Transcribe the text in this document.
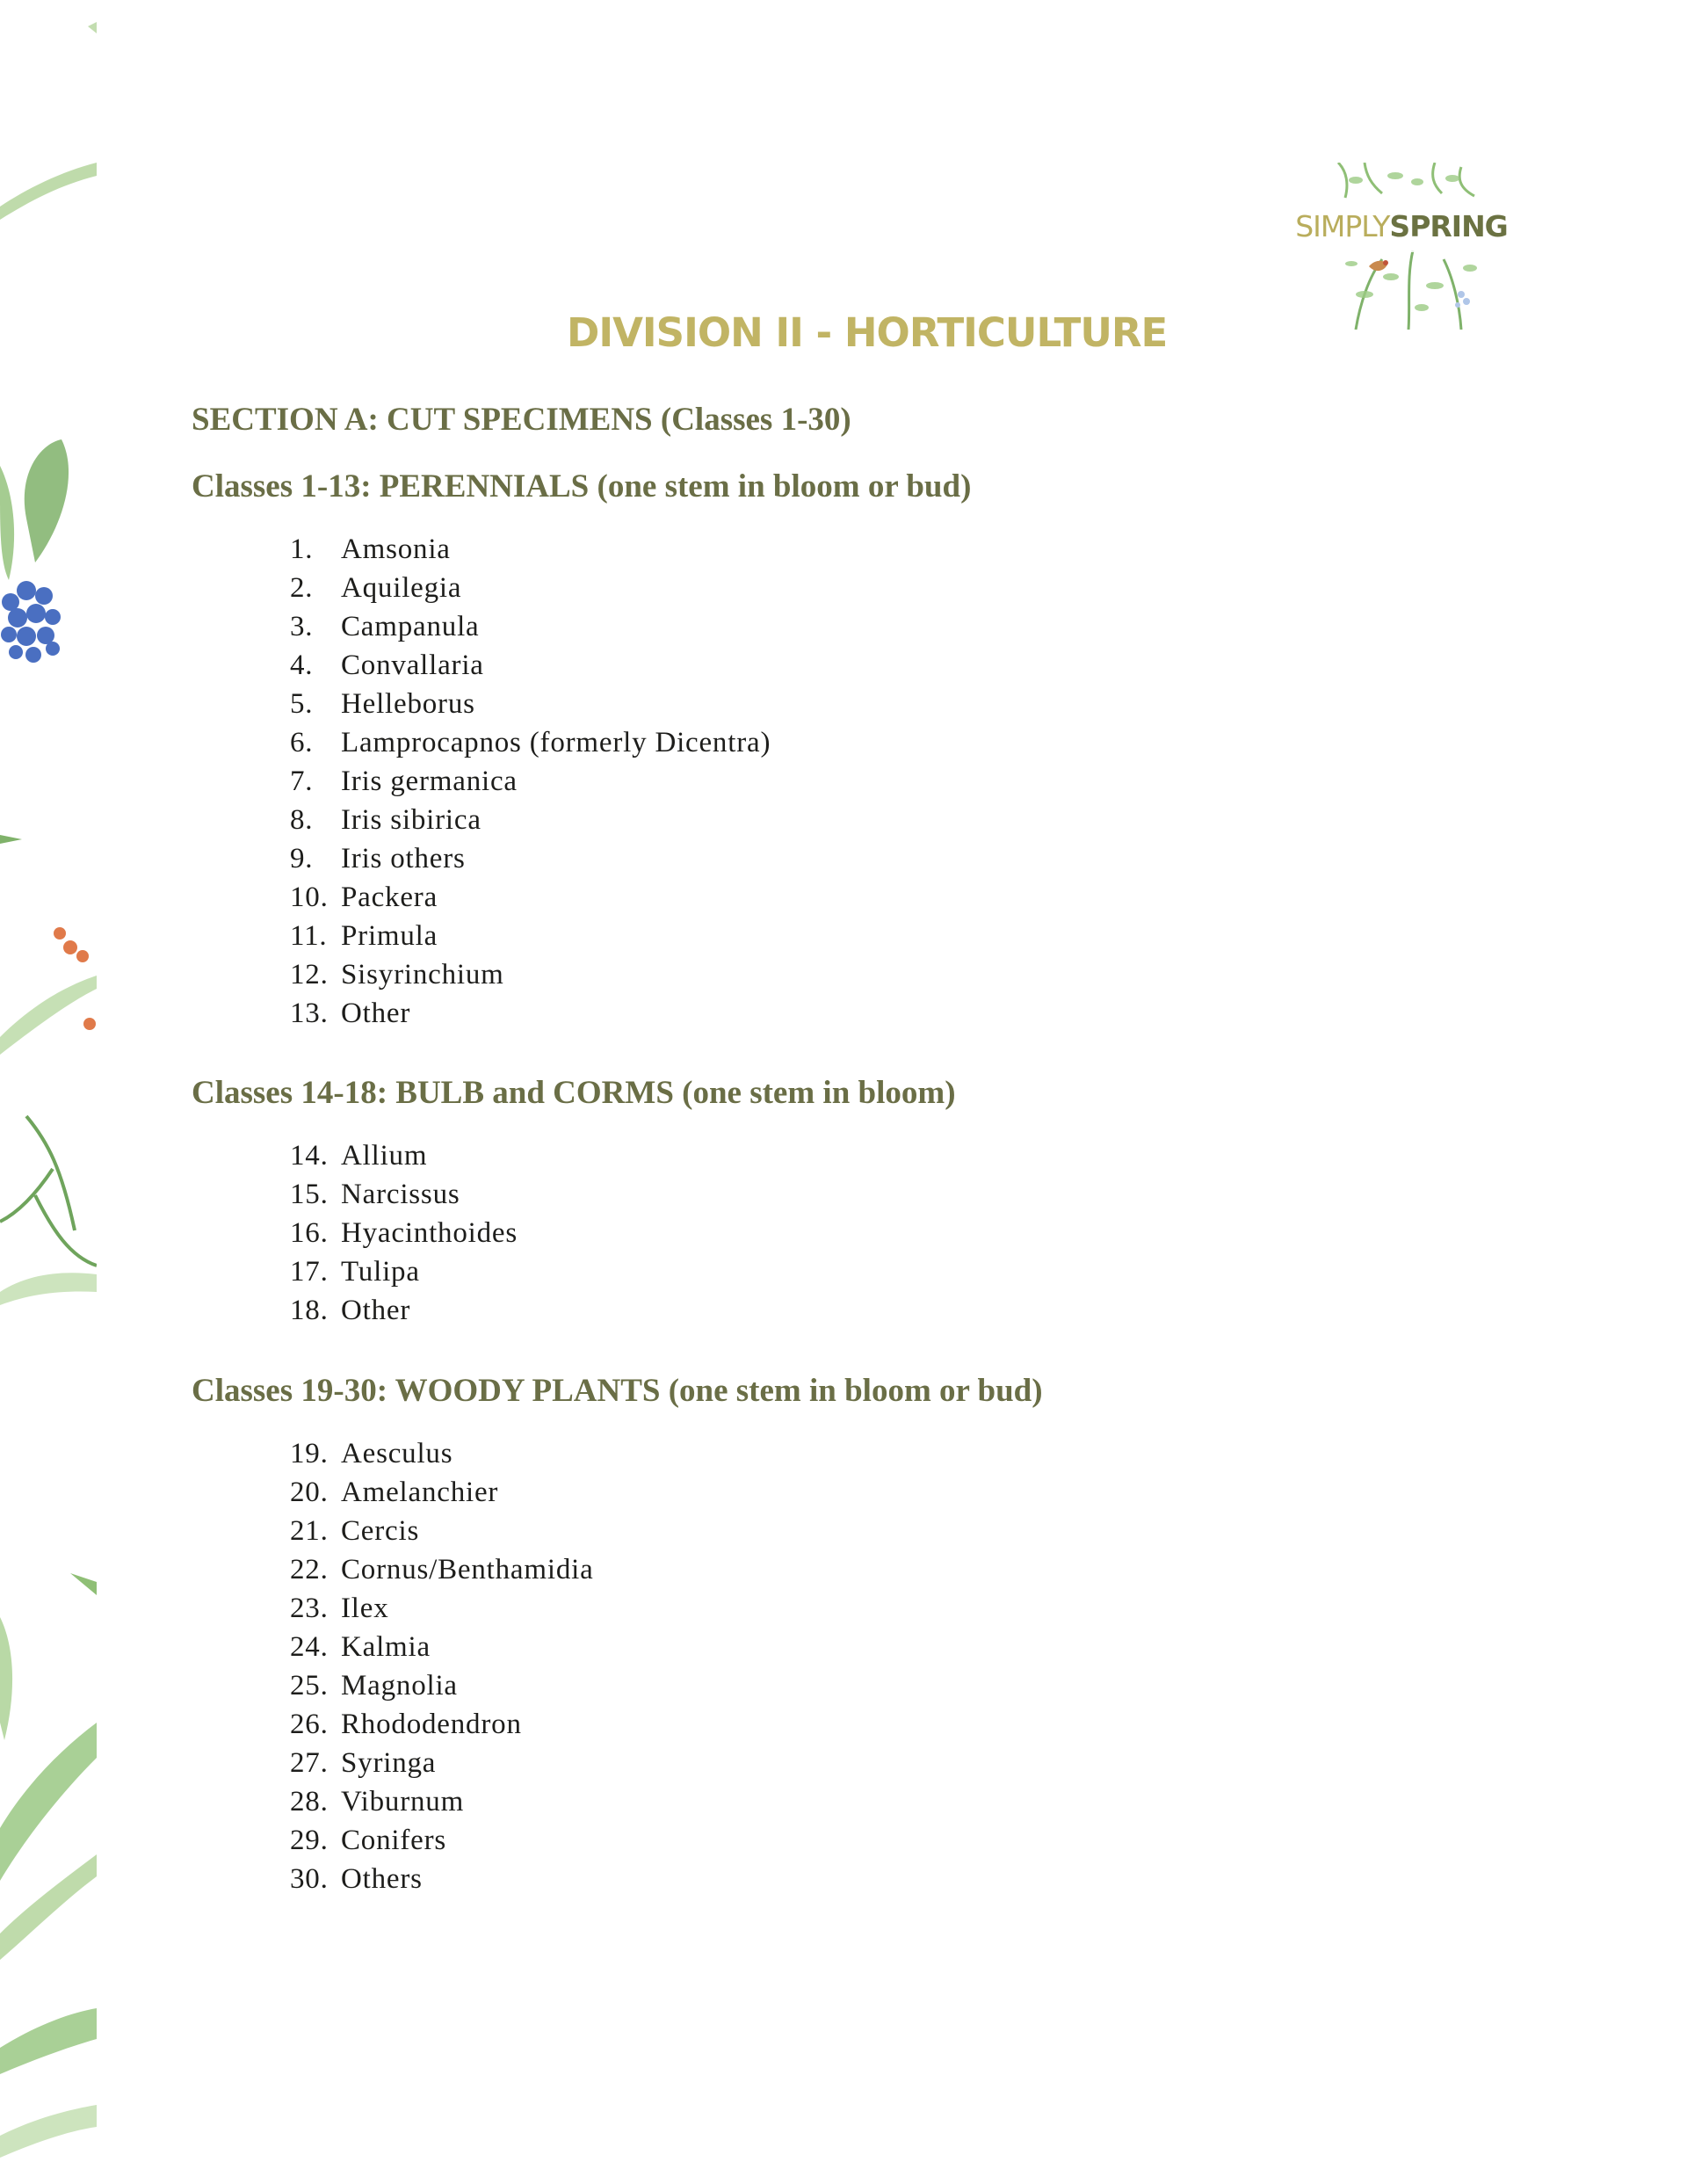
SIMPLY SPRING
DIVISION II - HORTICULTURE
SECTION A: CUT SPECIMENS (Classes 1-30)
Classes 1-13: PERENNIALS (one stem in bloom or bud)
1. Amsonia
2. Aquilegia
3. Campanula
4. Convallaria
5. Helleborus
6. Lamprocapnos (formerly Dicentra)
7. Iris germanica
8. Iris sibirica
9. Iris others
10. Packera
11. Primula
12. Sisyrinchium
13. Other
Classes 14-18: BULB and CORMS (one stem in bloom)
14. Allium
15. Narcissus
16. Hyacinthoides
17. Tulipa
18. Other
Classes 19-30: WOODY PLANTS (one stem in bloom or bud)
19. Aesculus
20. Amelanchier
21. Cercis
22. Cornus/Benthamidia
23. Ilex
24. Kalmia
25. Magnolia
26. Rhododendron
27. Syringa
28. Viburnum
29. Conifers
30. Others
